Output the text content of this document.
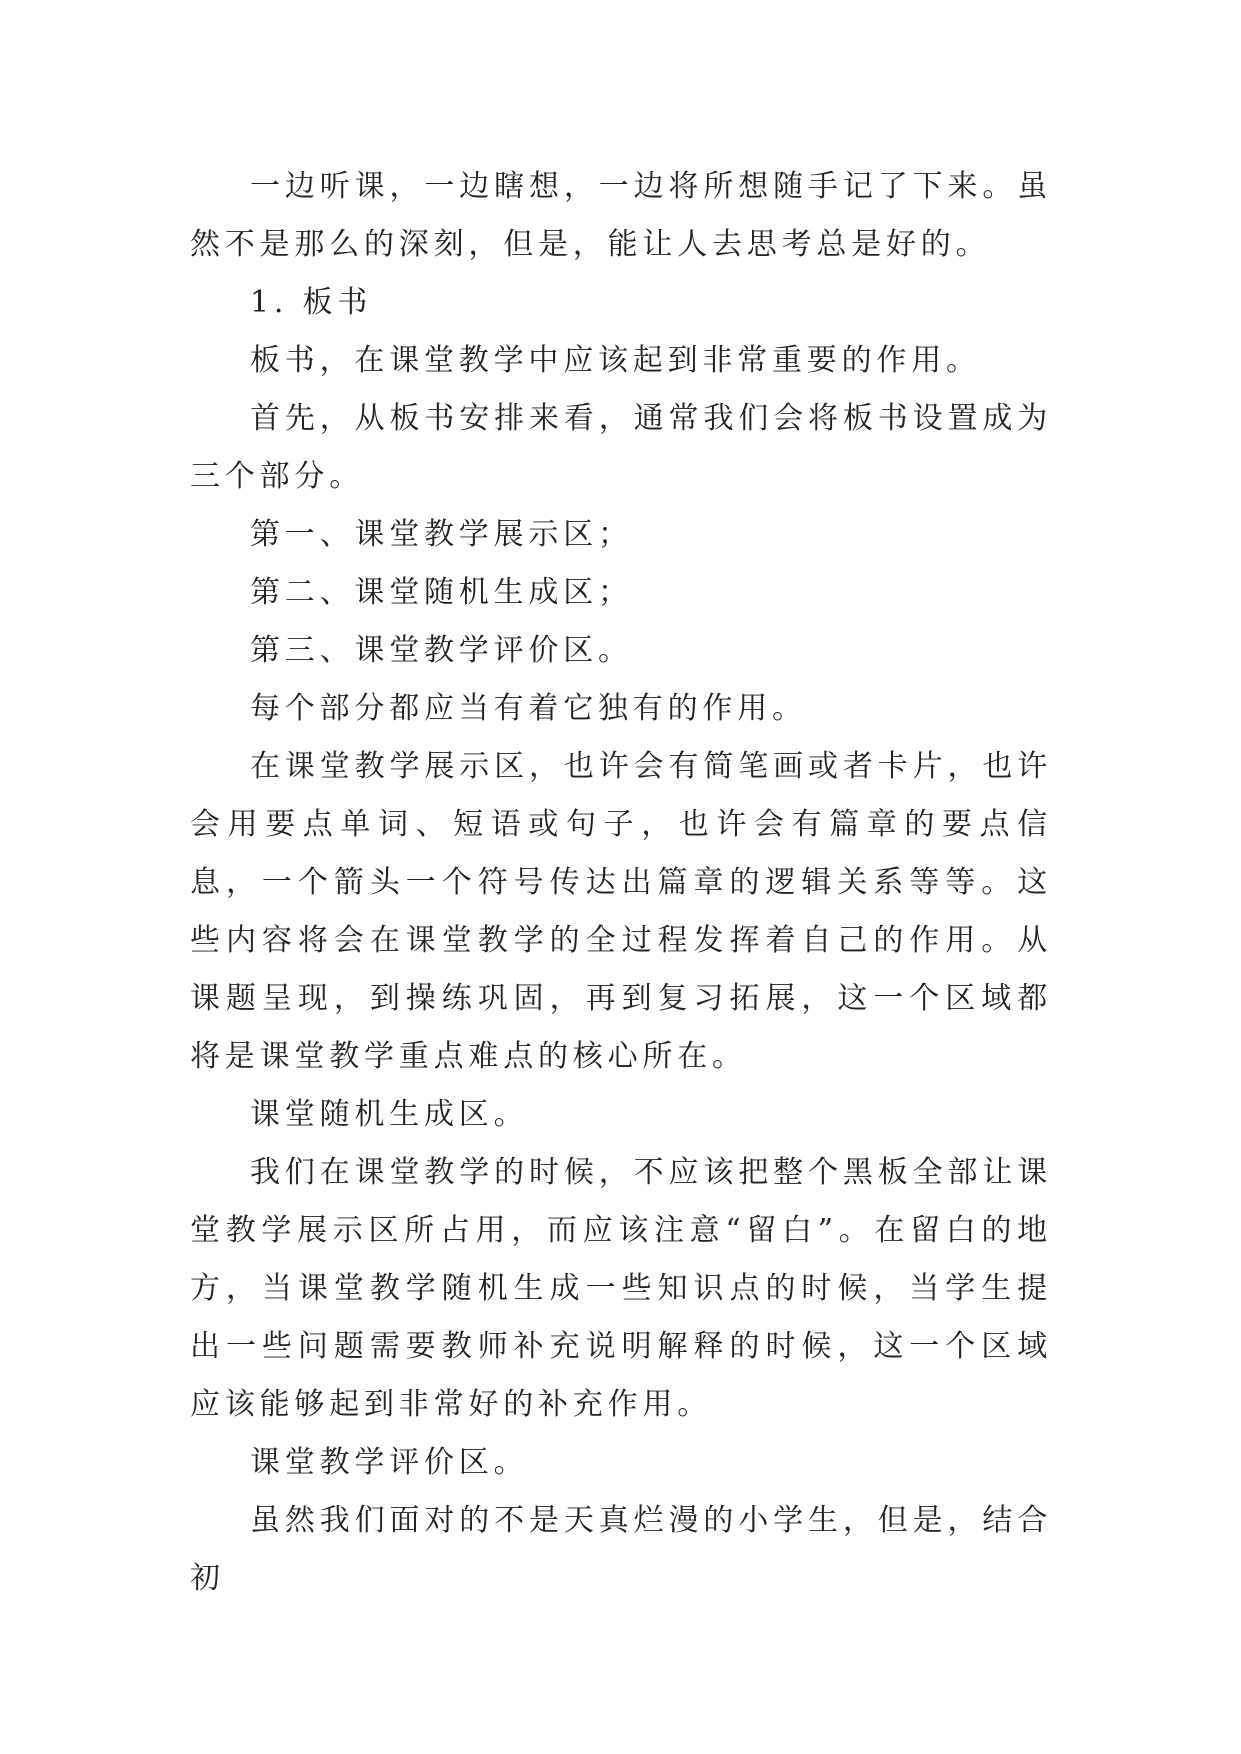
一边听课，一边瞎想，一边将所想随手记了下来。虽然不是那么的深刻，但是，能让人去思考总是好的。

1. 板书

板书，在课堂教学中应该起到非常重要的作用。

首先，从板书安排来看，通常我们会将板书设置成为三个部分。

第一、课堂教学展示区；

第二、课堂随机生成区；

第三、课堂教学评价区。

每个部分都应当有着它独有的作用。

在课堂教学展示区，也许会有简笔画或者卡片，也许会用要点单词、短语或句子，也许会有篇章的要点信息，一个箭头一个符号传达出篇章的逻辑关系等等。这些内容将会在课堂教学的全过程发挥着自己的作用。从课题呈现，到操练巩固，再到复习拓展，这一个区域都将是课堂教学重点难点的核心所在。

课堂随机生成区。

我们在课堂教学的时候，不应该把整个黑板全部让课堂教学展示区所占用，而应该注意“留白”。在留白的地方，当课堂教学随机生成一些知识点的时候，当学生提出一些问题需要教师补充说明解释的时候，这一个区域应该能够起到非常好的补充作用。

课堂教学评价区。

虽然我们面对的不是天真烂漫的小学生，但是，结合初
